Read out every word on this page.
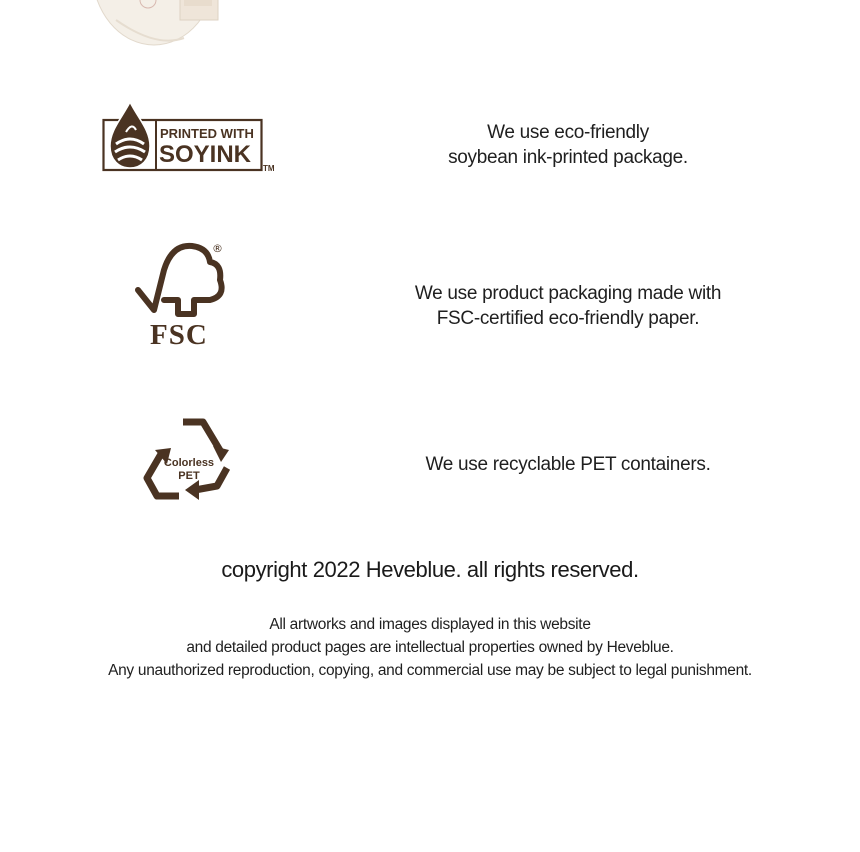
PRINTED WITH
SOYINK
TM
We use eco-friendly
soybean ink-printed package.
®
FSC
We use product packaging made with
FSC-certified eco-friendly paper.
Colorless
PET
We use recyclable PET containers.
copyright 2022 Heveblue. all rights reserved.
All artworks and images displayed in this website
and detailed product pages are intellectual properties owned by Heveblue.
Any unauthorized reproduction, copying, and commercial use may be subject to legal punishment.
